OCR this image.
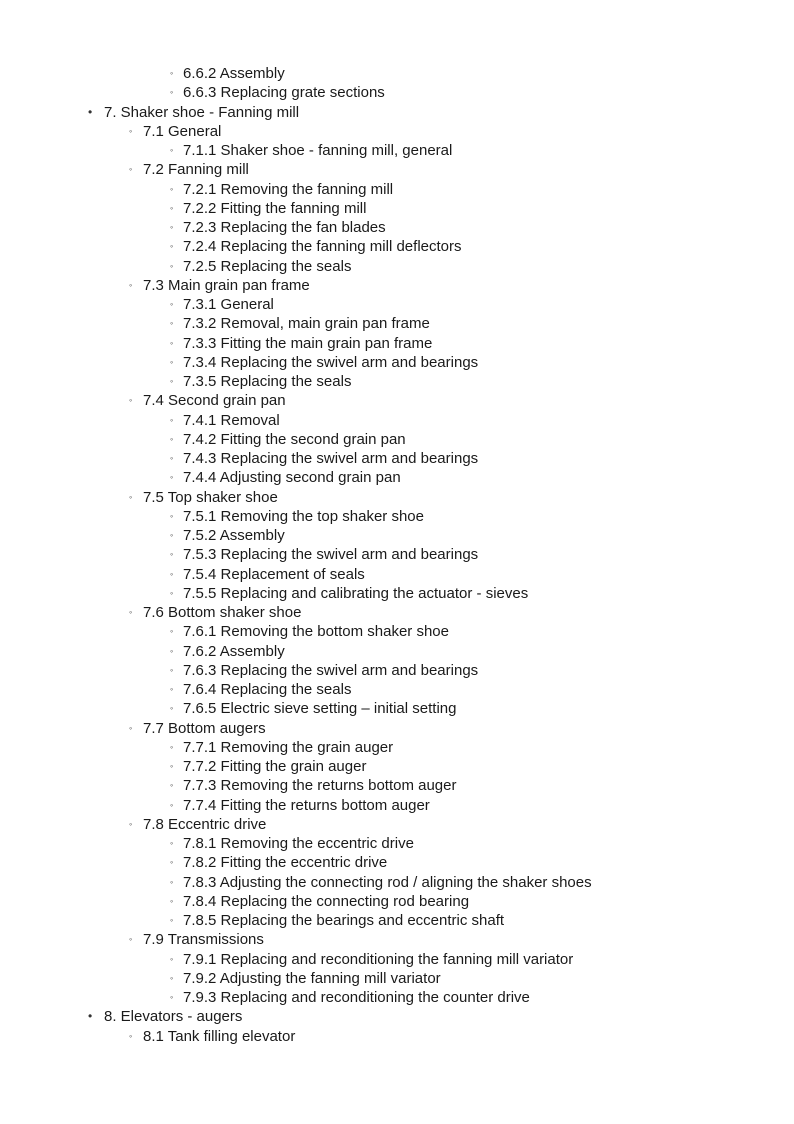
◦ 6.6.2 Assembly
◦ 6.6.3 Replacing grate sections
• 7. Shaker shoe - Fanning mill
◦ 7.1 General
◦ 7.1.1 Shaker shoe - fanning mill, general
◦ 7.2 Fanning mill
◦ 7.2.1 Removing the fanning mill
◦ 7.2.2 Fitting the fanning mill
◦ 7.2.3 Replacing the fan blades
◦ 7.2.4 Replacing the fanning mill deflectors
◦ 7.2.5 Replacing the seals
◦ 7.3 Main grain pan frame
◦ 7.3.1 General
◦ 7.3.2 Removal, main grain pan frame
◦ 7.3.3 Fitting the main grain pan frame
◦ 7.3.4 Replacing the swivel arm and bearings
◦ 7.3.5 Replacing the seals
◦ 7.4 Second grain pan
◦ 7.4.1 Removal
◦ 7.4.2 Fitting the second grain pan
◦ 7.4.3 Replacing the swivel arm and bearings
◦ 7.4.4 Adjusting second grain pan
◦ 7.5 Top shaker shoe
◦ 7.5.1 Removing the top shaker shoe
◦ 7.5.2 Assembly
◦ 7.5.3 Replacing the swivel arm and bearings
◦ 7.5.4 Replacement of seals
◦ 7.5.5 Replacing and calibrating the actuator - sieves
◦ 7.6 Bottom shaker shoe
◦ 7.6.1 Removing the bottom shaker shoe
◦ 7.6.2 Assembly
◦ 7.6.3 Replacing the swivel arm and bearings
◦ 7.6.4 Replacing the seals
◦ 7.6.5 Electric sieve setting – initial setting
◦ 7.7 Bottom augers
◦ 7.7.1 Removing the grain auger
◦ 7.7.2 Fitting the grain auger
◦ 7.7.3 Removing the returns bottom auger
◦ 7.7.4 Fitting the returns bottom auger
◦ 7.8 Eccentric drive
◦ 7.8.1 Removing the eccentric drive
◦ 7.8.2 Fitting the eccentric drive
◦ 7.8.3 Adjusting the connecting rod / aligning the shaker shoes
◦ 7.8.4 Replacing the connecting rod bearing
◦ 7.8.5 Replacing the bearings and eccentric shaft
◦ 7.9 Transmissions
◦ 7.9.1 Replacing and reconditioning the fanning mill variator
◦ 7.9.2 Adjusting the fanning mill variator
◦ 7.9.3 Replacing and reconditioning the counter drive
• 8. Elevators - augers
◦ 8.1 Tank filling elevator
